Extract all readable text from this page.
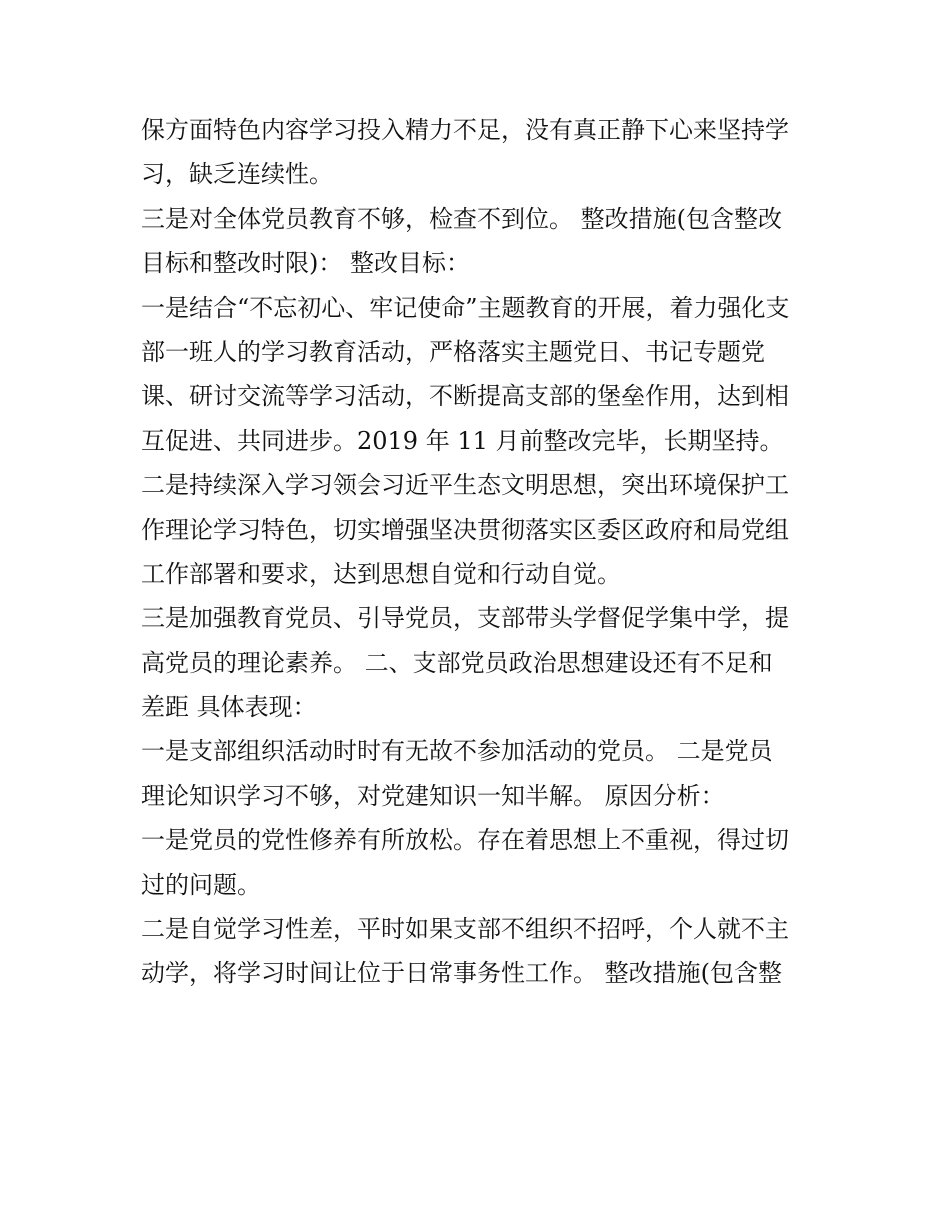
保方面特色内容学习投入精力不足，没有真正静下心来坚持学
习，缺乏连续性。
三是对全体党员教育不够，检查不到位。 整改措施(包含整改
目标和整改时限)： 整改目标：
一是结合“不忘初心、牢记使命”主题教育的开展，着力强化支
部一班人的学习教育活动，严格落实主题党日、书记专题党
课、研讨交流等学习活动，不断提高支部的堡垒作用，达到相
互促进、共同进步。2019 年 11 月前整改完毕，长期坚持。
二是持续深入学习领会习近平生态文明思想，突出环境保护工
作理论学习特色，切实增强坚决贯彻落实区委区政府和局党组
工作部署和要求，达到思想自觉和行动自觉。
三是加强教育党员、引导党员，支部带头学督促学集中学，提
高党员的理论素养。 二、支部党员政治思想建设还有不足和
差距 具体表现：
一是支部组织活动时时有无故不参加活动的党员。 二是党员
理论知识学习不够，对党建知识一知半解。 原因分析：
一是党员的党性修养有所放松。存在着思想上不重视，得过切
过的问题。
二是自觉学习性差，平时如果支部不组织不招呼，个人就不主
动学，将学习时间让位于日常事务性工作。 整改措施(包含整
